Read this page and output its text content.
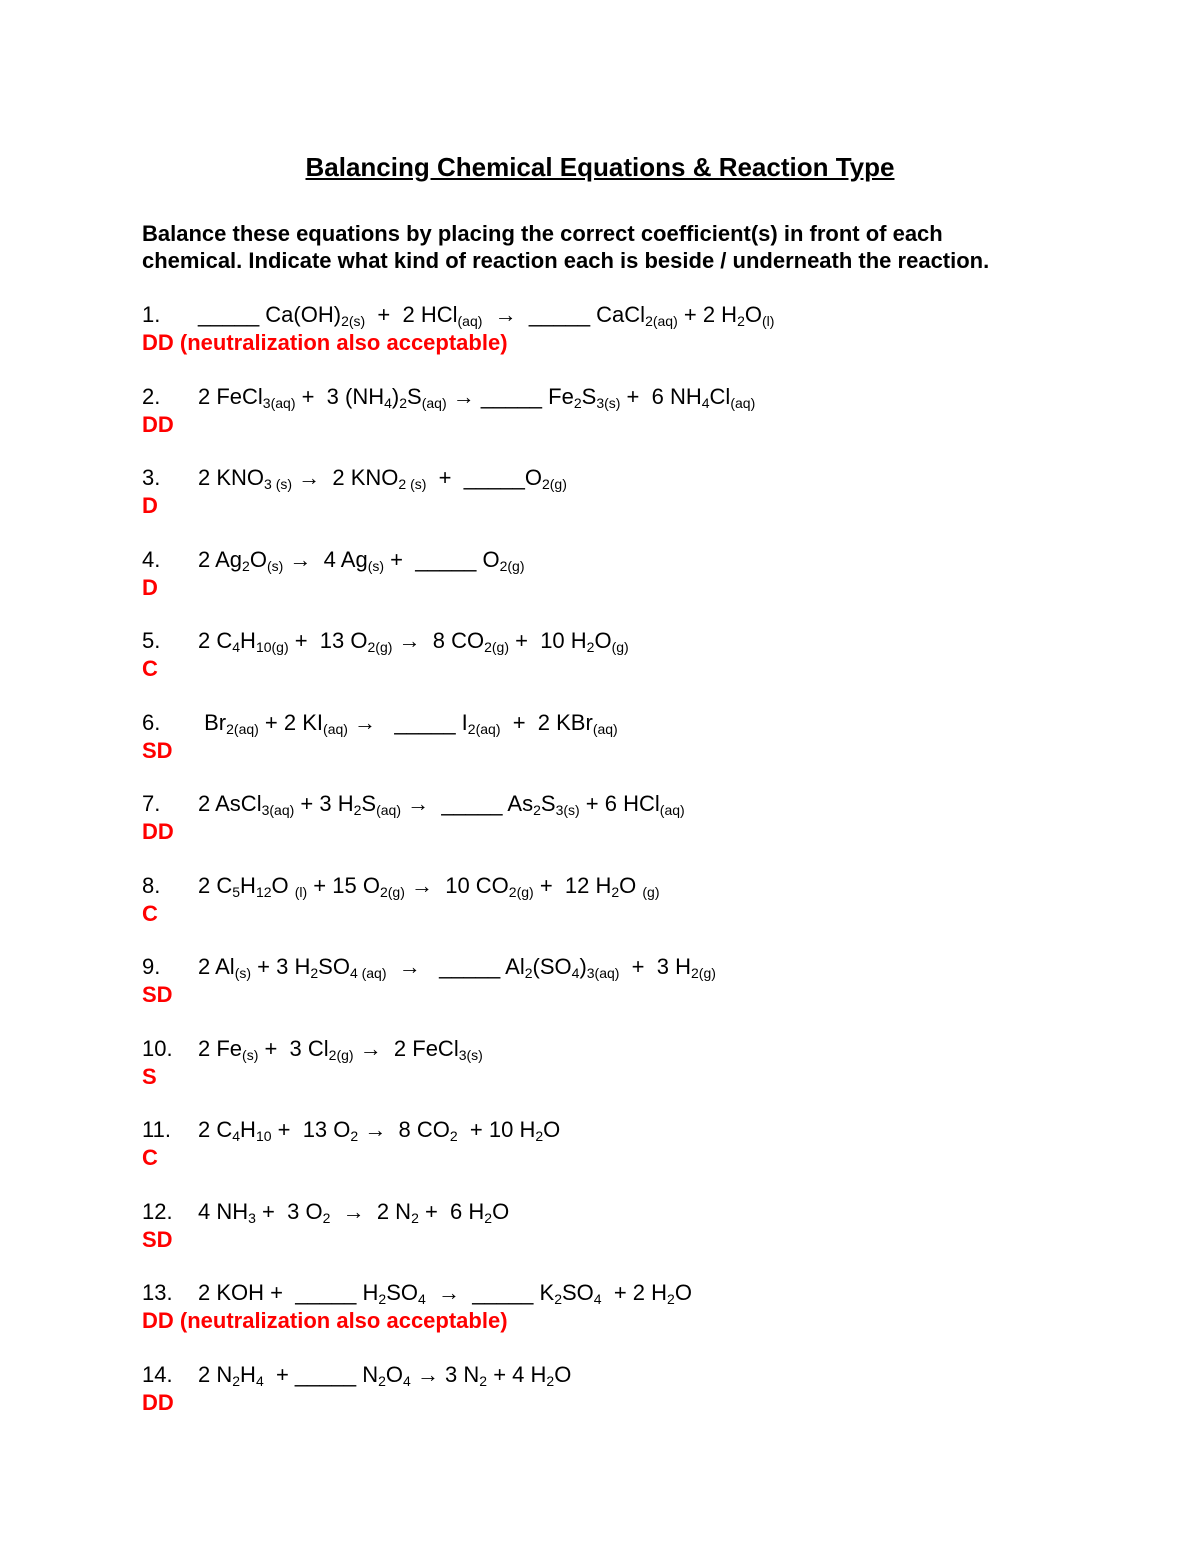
Balancing Chemical Equations & Reaction Type
Balance these equations by placing the correct coefficient(s) in front of each
chemical. Indicate what kind of reaction each is beside / underneath the reaction.
1. _____ $Ca(OH)_{2(s)} + 2$ HCl$_{(aq)}$  →  _____ CaCl$_{2(aq)}$ + 2 $H_2O_{(l)}$
DD (neutralization also acceptable)
2. 2 FeCl$_{3(aq)}$ +  3 $(NH_4)_2S_{(aq)}$ → _____ $Fe_2S_{3(s)} + 6$ $NH_4Cl_{(aq)}$
DD
3. 2 $KNO_{3 (s)} \to 2$ $KNO_{2 (s)}$  +  $\_\_\_\_\_O_{2(g)}$
D
4. 2 $Ag_2O_{(s)} \to 4$ $Ag_{(s)}$ +  _____ $O_{2(g)}$
D
5. 2 $C_4H_{10(g)} + 13$ $O_{2(g)} \to 8$ $CO_{2(g)} + 10$ $H_2O_{(g)}$
C
6. $Br_{2(aq)} + 2$ $KI_{(aq)}$ →   _____ $I_{2(aq)} + 2$ KBr$_{(aq)}$
SD
7. 2 AsCl$_{3(aq)}$ + 3 $H_2S_{(aq)}$ →  _____ $As_2S_{3(s)} + 6$ HCl$_{(aq)}$
DD
8. 2 $C_5H_{12}O$ $_{(l)}$ + 15 $O_{2(g)} \to 10$ $CO_{2(g)} + 12$ $H_2O$ $_{(g)}$
C
9. 2 $Al_{(s)} + 3$ $H_2SO_{4 (aq)}$  →   _____ $Al_2(SO_4)_{3(aq)} + 3$ $H_{2(g)}$
SD
10. 2 $Fe_{(s)} + 3$ $Cl_{2(g)} \to 2$ FeCl$_{3(s)}$
S
11. 2 $C_4H_{10} + 13$ $O_2 \to 8$ $CO_2 + 10$ $H_2O$
C
12. 4 $NH_3 + 3$ $O_2 \to 2$ $N_2 + 6$ $H_2O$
SD
13. 2 KOH +  _____ $H_2SO_4$  →  _____ $K_2SO_4 + 2$ $H_2O$
DD (neutralization also acceptable)
14. 2 $N_2H_4$  + _____ $N_2O_4 \to 3$ $N_2 + 4$ $H_2O$
DD
